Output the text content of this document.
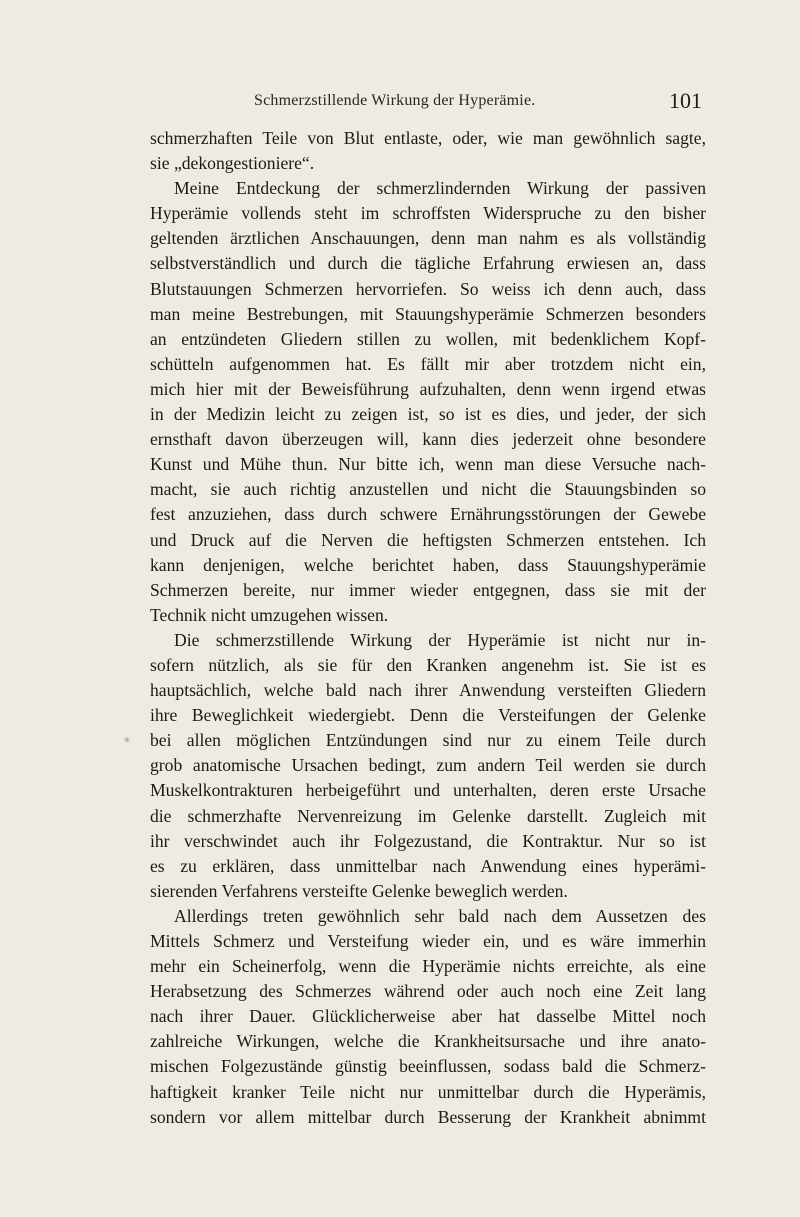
Schmerzstillende Wirkung der Hyperämie.	101
schmerzhaften Teile von Blut entlaste, oder, wie man gewöhnlich sagte,
sie „dekongestioniere“.
Meine Entdeckung der schmerzlindernden Wirkung der passiven
Hyperämie vollends steht im schroffsten Widerspruche zu den bisher
geltenden ärztlichen Anschauungen, denn man nahm es als vollständig
selbstverständlich und durch die tägliche Erfahrung erwiesen an, dass
Blutstauungen Schmerzen hervorriefen. So weiss ich denn auch, dass
man meine Bestrebungen, mit Stauungshyperämie Schmerzen besonders
an entzündeten Gliedern stillen zu wollen, mit bedenklichem Kopf-
schütteln aufgenommen hat. Es fällt mir aber trotzdem nicht ein,
mich hier mit der Beweisführung aufzuhalten, denn wenn irgend etwas
in der Medizin leicht zu zeigen ist, so ist es dies, und jeder, der sich
ernsthaft davon überzeugen will, kann dies jederzeit ohne besondere
Kunst und Mühe thun. Nur bitte ich, wenn man diese Versuche nach-
macht, sie auch richtig anzustellen und nicht die Stauungsbinden so
fest anzuziehen, dass durch schwere Ernährungsstörungen der Gewebe
und Druck auf die Nerven die heftigsten Schmerzen entstehen. Ich
kann denjenigen, welche berichtet haben, dass Stauungshyperämie
Schmerzen bereite, nur immer wieder entgegnen, dass sie mit der
Technik nicht umzugehen wissen.
Die schmerzstillende Wirkung der Hyperämie ist nicht nur in-
sofern nützlich, als sie für den Kranken angenehm ist. Sie ist es
hauptsächlich, welche bald nach ihrer Anwendung versteiften Gliedern
ihre Beweglichkeit wiedergiebt. Denn die Versteifungen der Gelenke
bei allen möglichen Entzündungen sind nur zu einem Teile durch
grob anatomische Ursachen bedingt, zum andern Teil werden sie durch
Muskelkontrakturen herbeigeführt und unterhalten, deren erste Ursache
die schmerzhafte Nervenreizung im Gelenke darstellt. Zugleich mit
ihr verschwindet auch ihr Folgezustand, die Kontraktur. Nur so ist
es zu erklären, dass unmittelbar nach Anwendung eines hyperämi-
sierenden Verfahrens versteifte Gelenke beweglich werden.
Allerdings treten gewöhnlich sehr bald nach dem Aussetzen des
Mittels Schmerz und Versteifung wieder ein, und es wäre immerhin
mehr ein Scheinerfolg, wenn die Hyperämie nichts erreichte, als eine
Herabsetzung des Schmerzes während oder auch noch eine Zeit lang
nach ihrer Dauer. Glücklicherweise aber hat dasselbe Mittel noch
zahlreiche Wirkungen, welche die Krankheitsursache und ihre anato-
mischen Folgezustände günstig beeinflussen, sodass bald die Schmerz-
haftigkeit kranker Teile nicht nur unmittelbar durch die Hyperämis,
sondern vor allem mittelbar durch Besserung der Krankheit abnimmt
⁎
